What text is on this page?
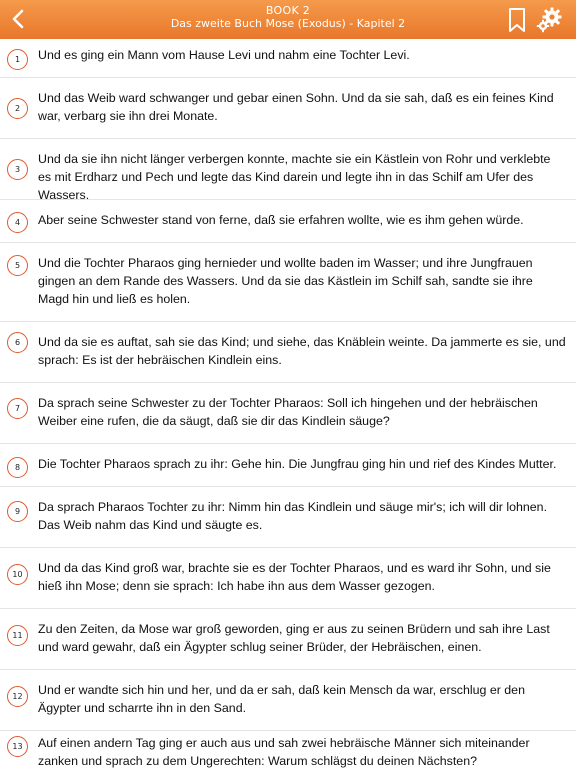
BOOK 2
Das zweite Buch Mose (Exodus) - Kapitel 2
1	Und es ging ein Mann vom Hause Levi und nahm eine Tochter Levi.
2
Und das Weib ward schwanger und gebar einen Sohn. Und da sie sah, daß es ein feines Kind war, verbarg sie ihn drei Monate.
3
Und da sie ihn nicht länger verbergen konnte, machte sie ein Kästlein von Rohr und verklebte es mit Erdharz und Pech und legte das Kind darein und legte ihn in das Schilf am Ufer des Wassers.
4	Aber seine Schwester stand von ferne, daß sie erfahren wollte, wie es ihm gehen würde.
5	Und die Tochter Pharaos ging hernieder und wollte baden im Wasser; und ihre Jungfrauen gingen an dem Rande des Wassers. Und da sie das Kästlein im Schilf sah, sandte sie ihre Magd hin und ließ es holen.
6	Und da sie es auftat, sah sie das Kind; und siehe, das Knäblein weinte. Da jammerte es sie, und sprach: Es ist der hebräischen Kindlein eins.
7	Da sprach seine Schwester zu der Tochter Pharaos: Soll ich hingehen und der hebräischen Weiber eine rufen, die da säugt, daß sie dir das Kindlein säuge?
8	Die Tochter Pharaos sprach zu ihr: Gehe hin. Die Jungfrau ging hin und rief des Kindes Mutter.
9	Da sprach Pharaos Tochter zu ihr: Nimm hin das Kindlein und säuge mir's; ich will dir lohnen. Das Weib nahm das Kind und säugte es.
10	Und da das Kind groß war, brachte sie es der Tochter Pharaos, und es ward ihr Sohn, und sie hieß ihn Mose; denn sie sprach: Ich habe ihn aus dem Wasser gezogen.
11	Zu den Zeiten, da Mose war groß geworden, ging er aus zu seinen Brüdern und sah ihre Last und ward gewahr, daß ein Ägypter schlug seiner Brüder, der Hebräischen, einen.
12	Und er wandte sich hin und her, und da er sah, daß kein Mensch da war, erschlug er den Ägypter und scharrte ihn in den Sand.
13	Auf einen andern Tag ging er auch aus und sah zwei hebräische Männer sich miteinander zanken und sprach zu dem Ungerechten: Warum schlägst du deinen Nächsten?
